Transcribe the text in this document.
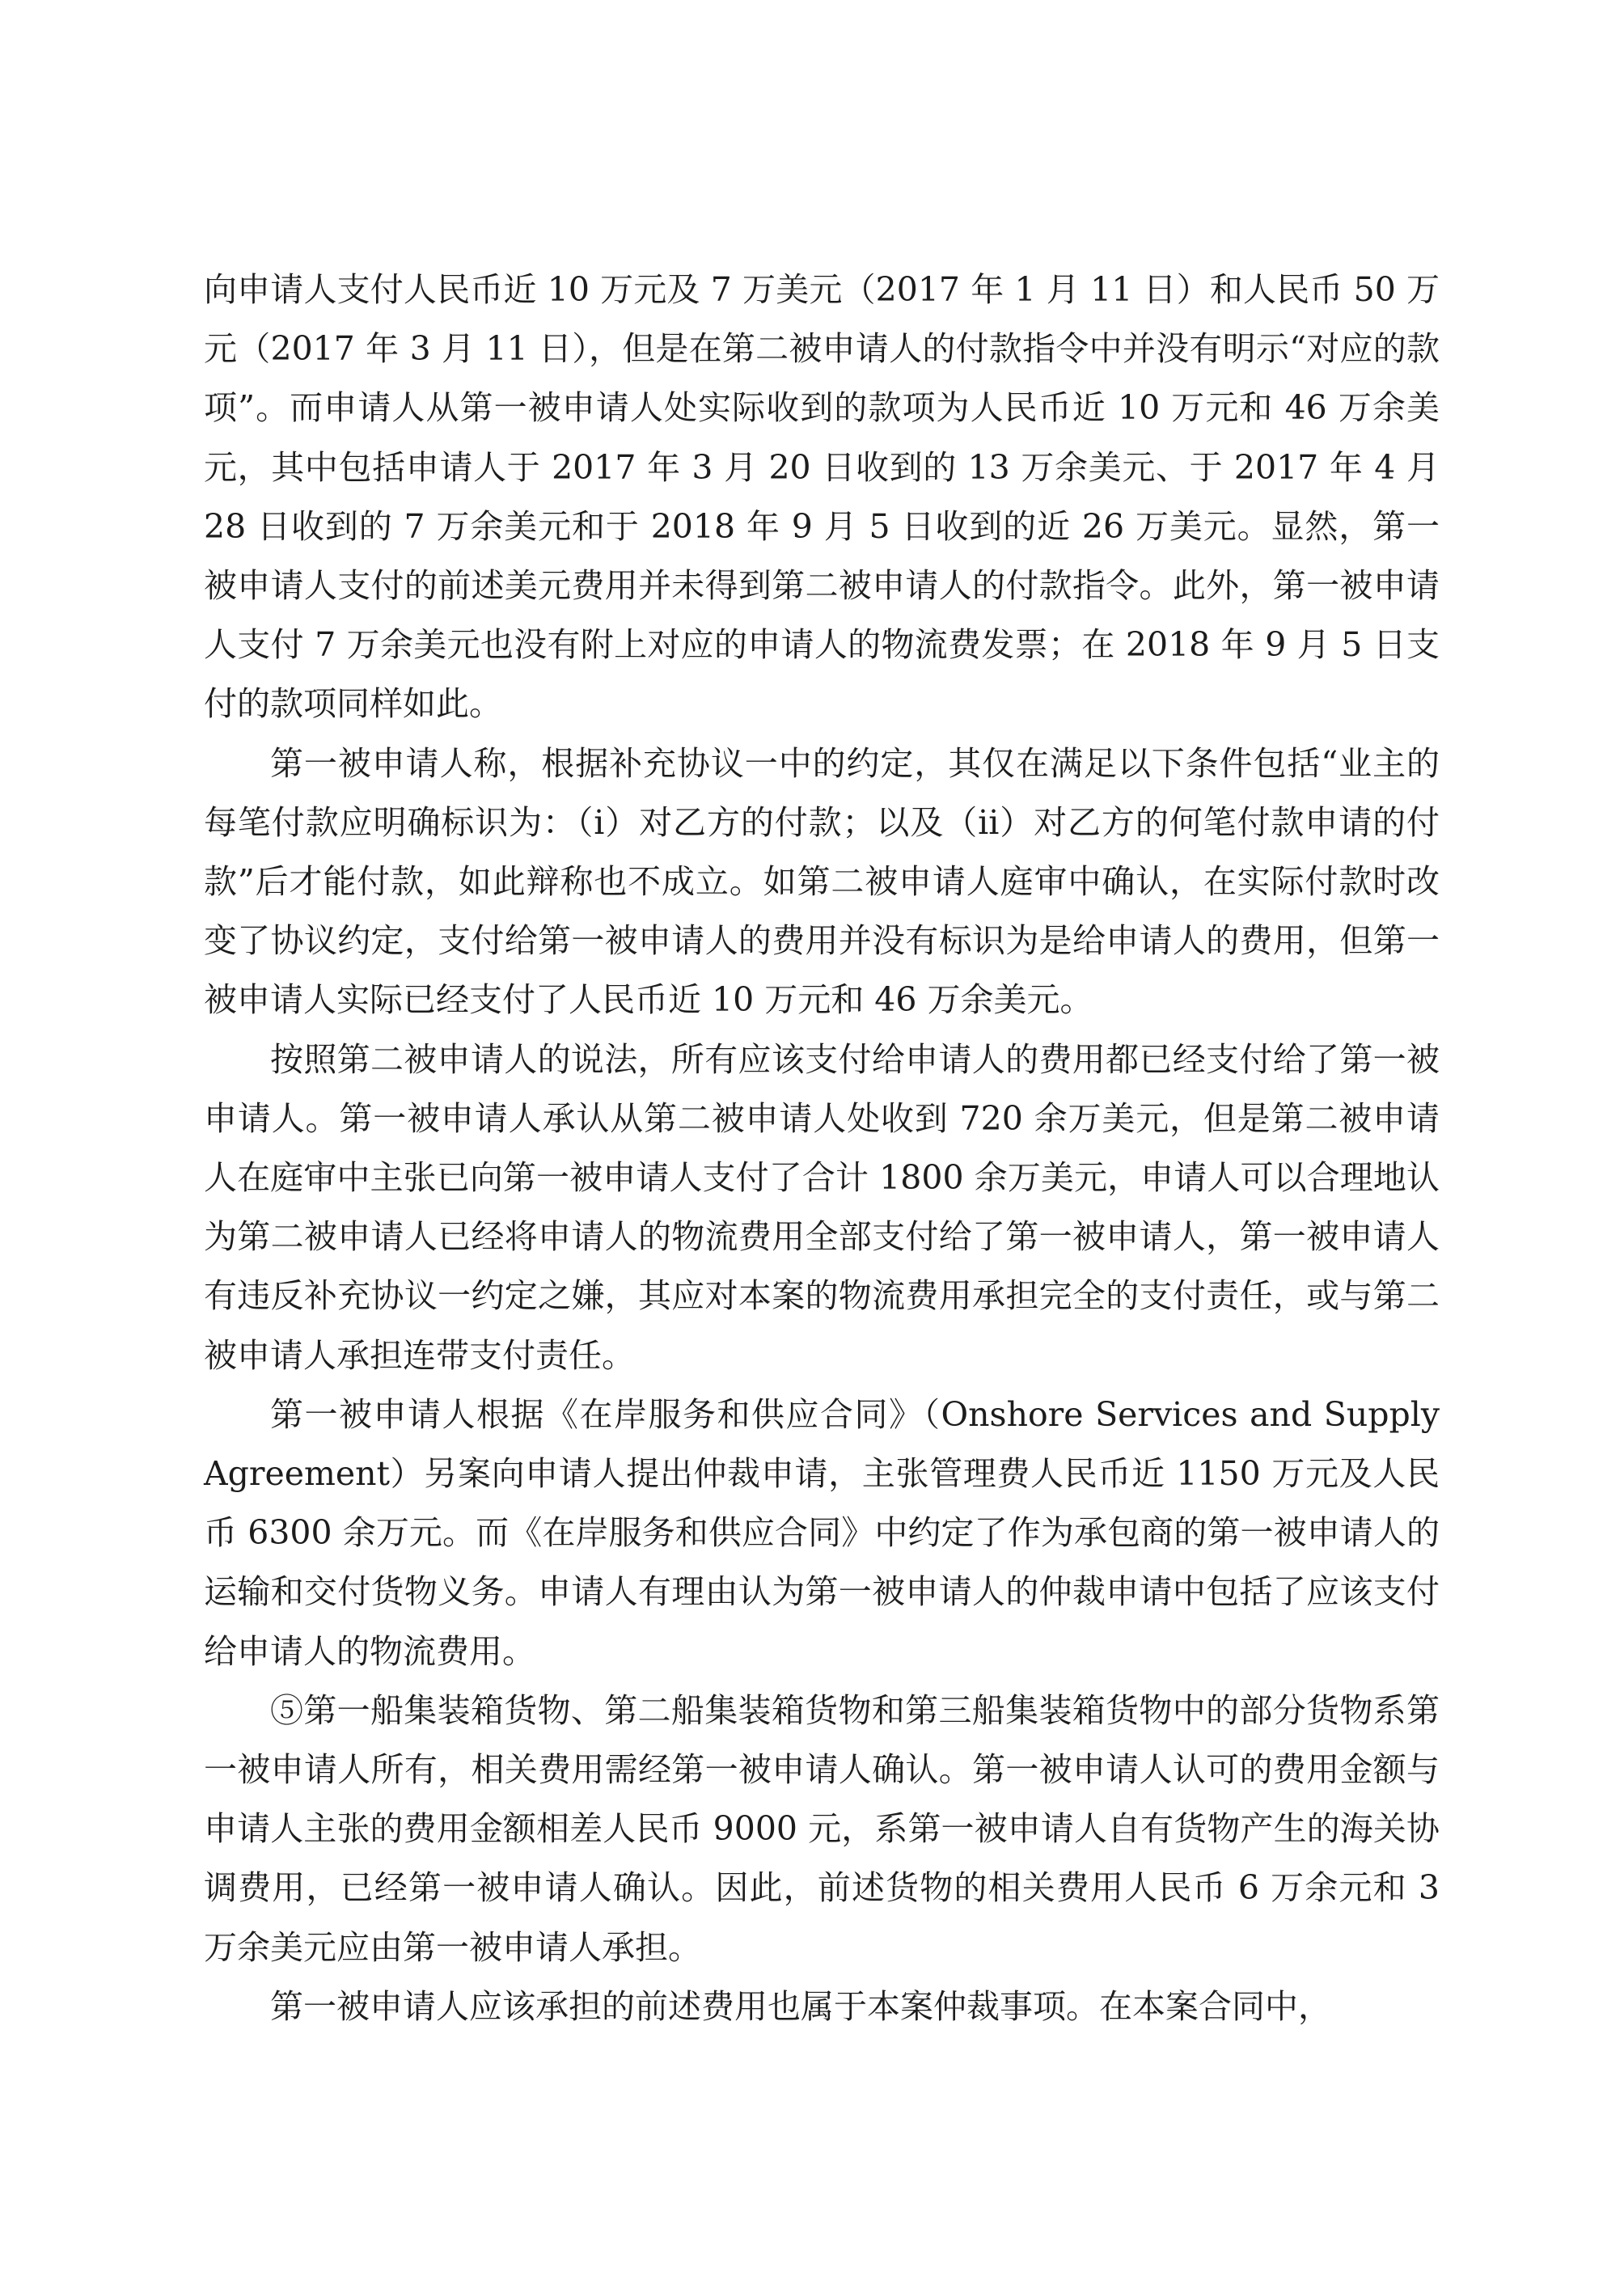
向申请人支付人民币近 10 万元及 7 万美元（2017 年 1 月 11 日）和人民币 50 万元（2017 年 3 月 11 日），但是在第二被申请人的付款指令中并没有明示“对应的款项”。而申请人从第一被申请人处实际收到的款项为人民币近 10 万元和 46 万余美元，其中包括申请人于 2017 年 3 月 20 日收到的 13 万余美元、于 2017 年 4 月 28 日收到的 7 万余美元和于 2018 年 9 月 5 日收到的近 26 万美元。显然，第一被申请人支付的前述美元费用并未得到第二被申请人的付款指令。此外，第一被申请人支付 7 万余美元也没有附上对应的申请人的物流费发票；在 2018 年 9 月 5 日支付的款项同样如此。

第一被申请人称，根据补充协议一中的约定，其仅在满足以下条件包括“业主的每笔付款应明确标识为：（i）对乙方的付款；以及（ii）对乙方的何笔付款申请的付款”后才能付款，如此辩称也不成立。如第二被申请人庭审中确认，在实际付款时改变了协议约定，支付给第一被申请人的费用并没有标识为是给申请人的费用，但第一被申请人实际已经支付了人民币近 10 万元和 46 万余美元。

按照第二被申请人的说法，所有应该支付给申请人的费用都已经支付给了第一被申请人。第一被申请人承认从第二被申请人处收到 720 余万美元，但是第二被申请人在庭审中主张已向第一被申请人支付了合计 1800 余万美元，申请人可以合理地认为第二被申请人已经将申请人的物流费用全部支付给了第一被申请人，第一被申请人有违反补充协议一约定之嫌，其应对本案的物流费用承担完全的支付责任，或与第二被申请人承担连带支付责任。

第一被申请人根据《在岸服务和供应合同》（Onshore Services and Supply Agreement）另案向申请人提出仲裁申请，主张管理费人民币近 1150 万元及人民币 6300 余万元。而《在岸服务和供应合同》中约定了作为承包商的第一被申请人的运输和交付货物义务。申请人有理由认为第一被申请人的仲裁申请中包括了应该支付给申请人的物流费用。

⑤第一船集装箱货物、第二船集装箱货物和第三船集装箱货物中的部分货物系第一被申请人所有，相关费用需经第一被申请人确认。第一被申请人认可的费用金额与申请人主张的费用金额相差人民币 9000 元，系第一被申请人自有货物产生的海关协调费用，已经第一被申请人确认。因此，前述货物的相关费用人民币 6 万余元和 3 万余美元应由第一被申请人承担。

第一被申请人应该承担的前述费用也属于本案仲裁事项。在本案合同中，
